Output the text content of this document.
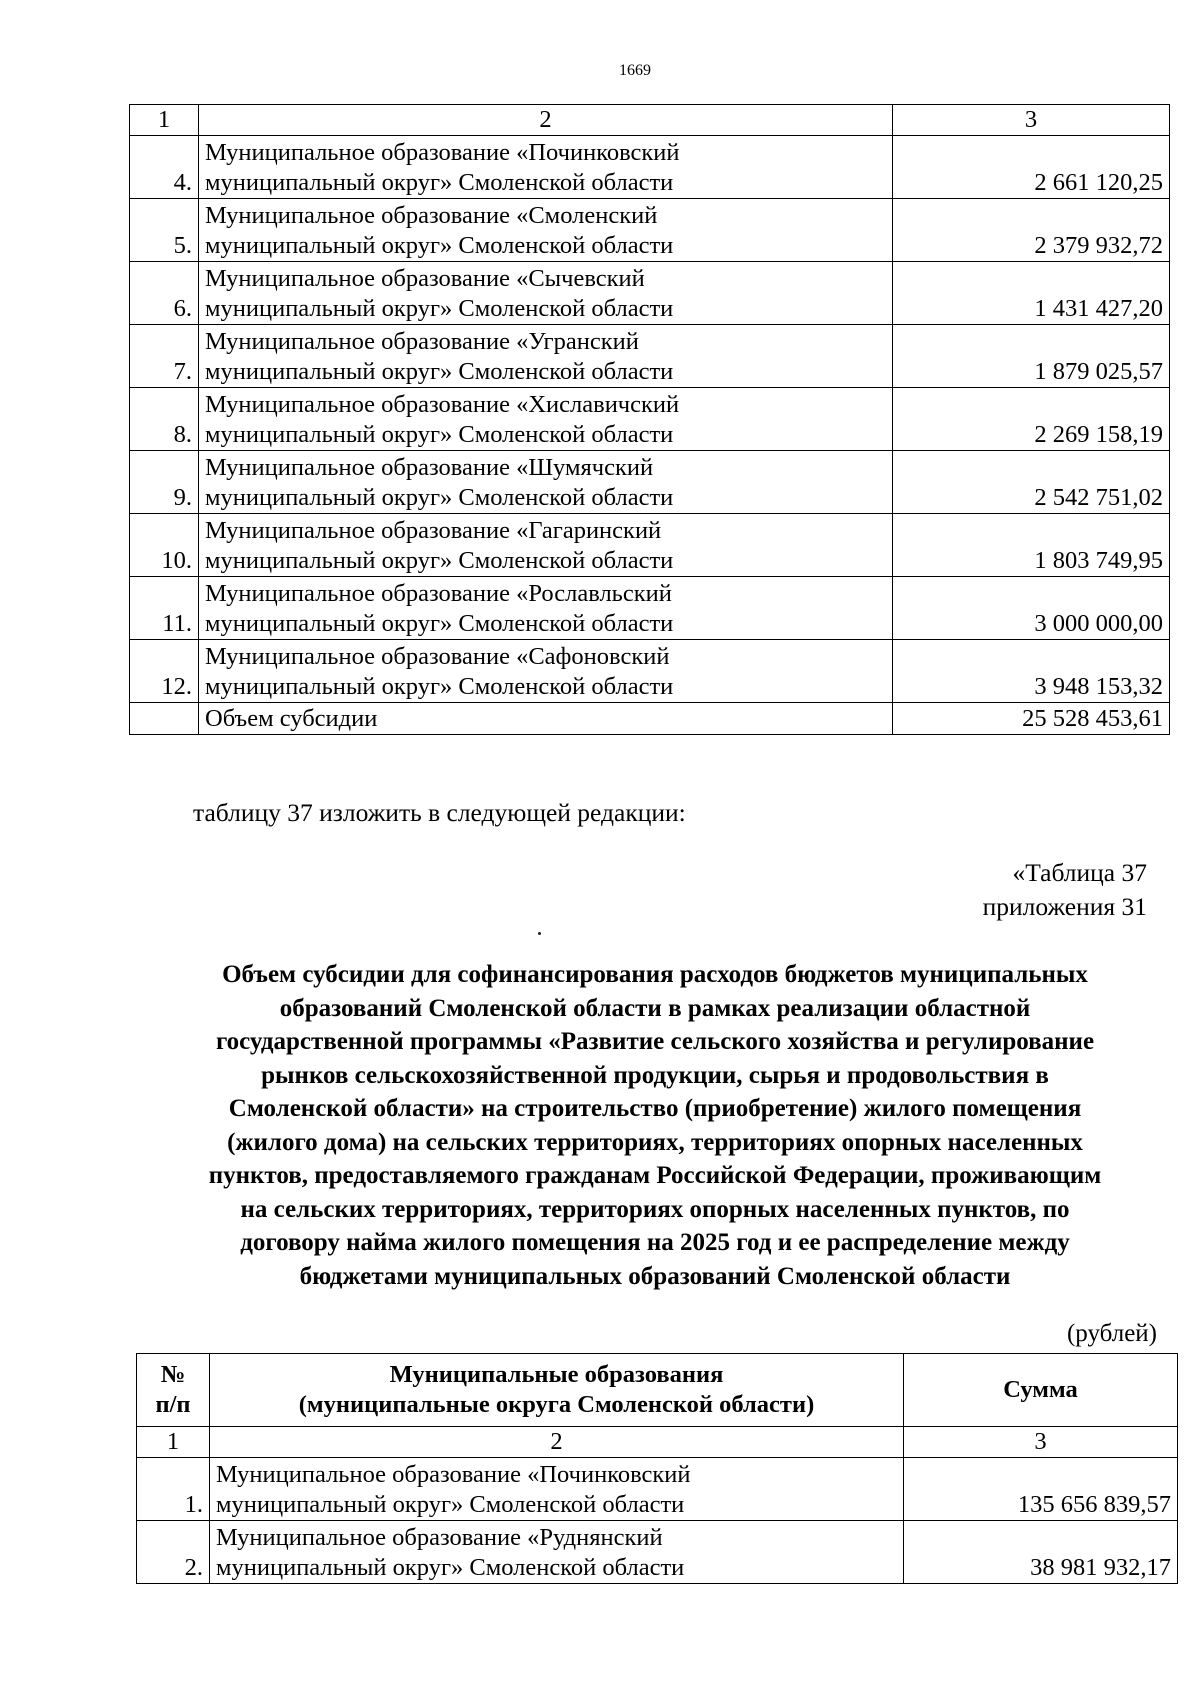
1669
1	2	3
4.	Муниципальное образование «Починковский
муниципальный округ» Смоленской области	2 661 120,25
5.	Муниципальное образование «Смоленский
муниципальный округ» Смоленской области	2 379 932,72
6.	Муниципальное образование «Сычевский
муниципальный округ» Смоленской области	1 431 427,20
7.	Муниципальное образование «Угранский
муниципальный округ» Смоленской области	1 879 025,57
8.	Муниципальное образование «Хиславичский
муниципальный округ» Смоленской области	2 269 158,19
9.	Муниципальное образование «Шумячский
муниципальный округ» Смоленской области	2 542 751,02
10.	Муниципальное образование «Гагаринский
муниципальный округ» Смоленской области	1 803 749,95
11.	Муниципальное образование «Рославльский
муниципальный округ» Смоленской области	3 000 000,00
12.	Муниципальное образование «Сафоновский
муниципальный округ» Смоленской области	3 948 153,32
	Объем субсидии	25 528 453,61
таблицу 37 изложить в следующей редакции:
«Таблица 37
приложения 31
Объем субсидии для софинансирования расходов бюджетов муниципальных
образований Смоленской области в рамках реализации областной
государственной программы «Развитие сельского хозяйства и регулирование
рынков сельскохозяйственной продукции, сырья и продовольствия в
Смоленской области» на строительство (приобретение) жилого помещения
(жилого дома) на сельских территориях, территориях опорных населенных
пунктов, предоставляемого гражданам Российской Федерации, проживающим
на сельских территориях, территориях опорных населенных пунктов, по
договору найма жилого помещения на 2025 год и ее распределение между
бюджетами муниципальных образований Смоленской области
(рублей)
№
п/п	Муниципальные образования
(муниципальные округа Смоленской области)	Сумма
1	2	3
1.	Муниципальное образование «Починковский
муниципальный округ» Смоленской области	135 656 839,57
2.	Муниципальное образование «Руднянский
муниципальный округ» Смоленской области	38 981 932,17
